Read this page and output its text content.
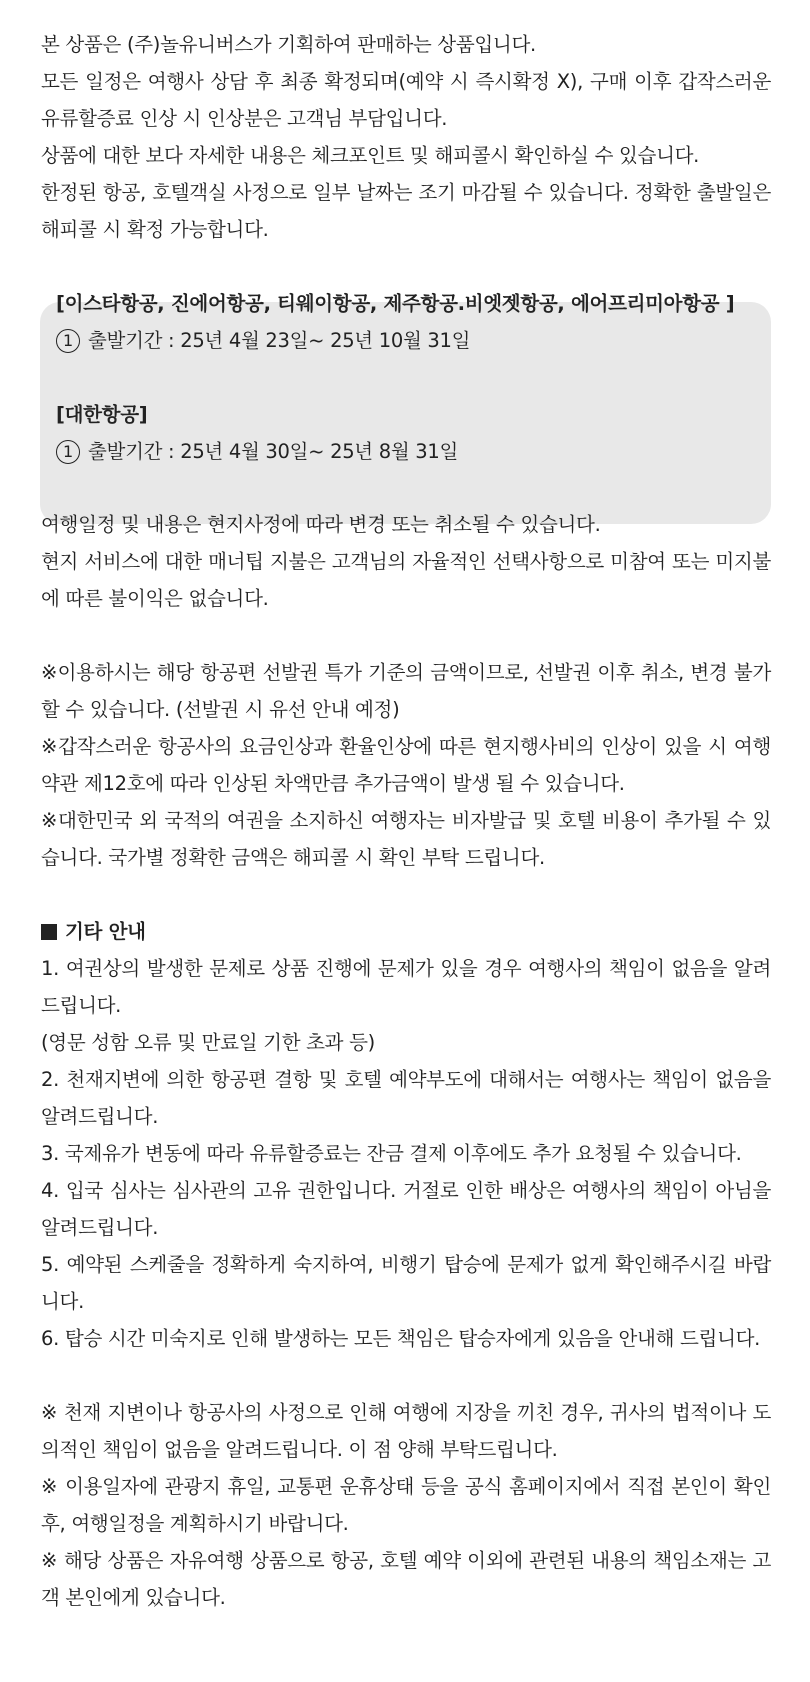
본 상품은 (주)놀유니버스가 기획하여 판매하는 상품입니다.

모든 일정은 여행사 상담 후 최종 확정되며(예약 시 즉시확정 X), 구매 이후 갑작스러운 유류할증료 인상 시 인상분은 고객님 부담입니다.

상품에 대한 보다 자세한 내용은 체크포인트 및 해피콜시 확인하실 수 있습니다.

한정된 항공, 호텔객실 사정으로 일부 날짜는 조기 마감될 수 있습니다. 정확한 출발일은 해피콜 시 확정 가능합니다.

[이스타항공, 진에어항공, 티웨이항공, 제주항공.비엣젯항공, 에어프리미아항공 ]

1 출발기간 : 25년 4월 23일~ 25년 10월 31일

[대한항공]

1 출발기간 : 25년 4월 30일~ 25년 8월 31일

여행일정 및 내용은 현지사정에 따라 변경 또는 취소될 수 있습니다.

현지 서비스에 대한 매너팁 지불은 고객님의 자율적인 선택사항으로 미참여 또는 미지불에 따른 불이익은 없습니다.

※이용하시는 해당 항공편 선발권 특가 기준의 금액이므로, 선발권 이후 취소, 변경 불가할 수 있습니다. (선발권 시 유선 안내 예정)

※갑작스러운 항공사의 요금인상과 환율인상에 따른 현지행사비의 인상이 있을 시 여행약관 제12호에 따라 인상된 차액만큼 추가금액이 발생 될 수 있습니다.

※대한민국 외 국적의 여권을 소지하신 여행자는 비자발급 및 호텔 비용이 추가될 수 있습니다. 국가별 정확한 금액은 해피콜 시 확인 부탁 드립니다.

기타 안내

1. 여권상의 발생한 문제로 상품 진행에 문제가 있을 경우 여행사의 책임이 없음을 알려드립니다.

(영문 성함 오류 및 만료일 기한 초과 등)

2. 천재지변에 의한 항공편 결항 및 호텔 예약부도에 대해서는 여행사는 책임이 없음을 알려드립니다.

3. 국제유가 변동에 따라 유류할증료는 잔금 결제 이후에도 추가 요청될 수 있습니다.

4. 입국 심사는 심사관의 고유 권한입니다. 거절로 인한 배상은 여행사의 책임이 아님을 알려드립니다.

5. 예약된 스케줄을 정확하게 숙지하여, 비행기 탑승에 문제가 없게 확인해주시길 바랍니다.

6. 탑승 시간 미숙지로 인해 발생하는 모든 책임은 탑승자에게 있음을 안내해 드립니다.

※ 천재 지변이나 항공사의 사정으로 인해 여행에 지장을 끼친 경우, 귀사의 법적이나 도의적인 책임이 없음을 알려드립니다. 이 점 양해 부탁드립니다.

※ 이용일자에 관광지 휴일, 교통편 운휴상태 등을 공식 홈페이지에서 직접 본인이 확인 후, 여행일정을 계획하시기 바랍니다.

※ 해당 상품은 자유여행 상품으로 항공, 호텔 예약 이외에 관련된 내용의 책임소재는 고객 본인에게 있습니다.
